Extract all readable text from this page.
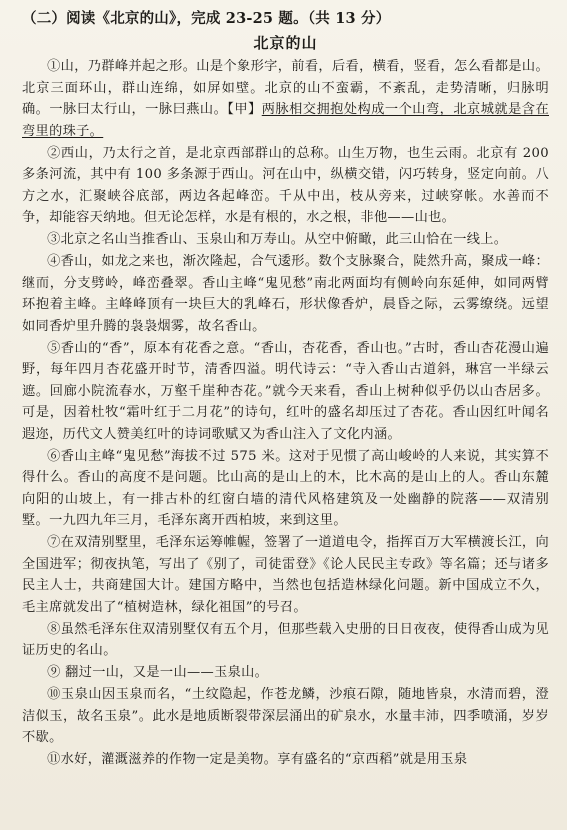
（二）阅读《北京的山》，完成 23-25 题。（共 13 分）
北京的山

①山，乃群峰并起之形。山是个象形字，前看，后看，横看，竖看，怎么看都是山。北京三面环山，群山连绵，如屏如壁。北京的山不蛮霸，不紊乱，走势清晰，归脉明确。一脉曰太行山，一脉曰燕山。【甲】两脉相交拥抱处构成一个山弯，北京城就是含在弯里的珠子。

②西山，乃太行之首，是北京西部群山的总称。山生万物，也生云雨。北京有 200 多条河流，其中有 100 多条源于西山。河在山中，纵横交错，闪巧转身，竖定向前。八方之水，汇聚峡谷底部，两边各起峰峦。千从中出，枝从旁来，过峡穿帐。水善而不争，却能容天纳地。但无论怎样，水是有根的，水之根，非他——山也。

③北京之名山当推香山、玉泉山和万寿山。从空中俯瞰，此三山恰在一线上。

④香山，如龙之来也，渐次隆起，合气逶形。数个支脉聚合，陡然升高，聚成一峰：继而，分支劈岭，峰峦叠翠。香山主峰“鬼见愁”南北两面均有侧岭向东延伸，如同两臂环抱着主峰。主峰峰顶有一块巨大的乳峰石，形状像香炉，晨昏之际，云雾缭绕。远望如同香炉里升腾的袅袅烟雾，故名香山。

⑤香山的“香”，原本有花香之意。“香山，杏花香，香山也。”古时，香山杏花漫山遍野，每年四月杏花盛开时节，清香四溢。明代诗云：“寺入香山古道斜，琳宫一半绿云遮。回廊小院流春水，万壑千崖种杏花。”就今天来看，香山上树种似乎仍以山杏居多。可是，因着杜牧“霜叶红于二月花”的诗句，红叶的盛名却压过了杏花。香山因红叶闻名遐迩，历代文人赞美红叶的诗词歌赋又为香山注入了文化内涵。

⑥香山主峰“鬼见愁”海拔不过 575 米。这对于见惯了高山峻岭的人来说，其实算不得什么。香山的高度不是问题。比山高的是山上的木，比木高的是山上的人。香山东麓向阳的山坡上，有一排古朴的红窗白墙的清代风格建筑及一处幽静的院落——双清别墅。一九四九年三月，毛泽东离开西柏坡，来到这里。

⑦在双清别墅里，毛泽东运筹帷幄，签署了一道道电令，指挥百万大军横渡长江，向全国进军；彻夜执笔，写出了《别了，司徒雷登》《论人民民主专政》等名篇；还与诸多民主人士，共商建国大计。建国方略中，当然也包括造林绿化问题。新中国成立不久，毛主席就发出了“植树造林，绿化祖国”的号召。

⑧虽然毛泽东住双清别墅仅有五个月，但那些载入史册的日日夜夜，使得香山成为见证历史的名山。

⑨ 翻过一山，又是一山——玉泉山。

⑩玉泉山因玉泉而名，“土纹隐起，作苍龙鳞，沙痕石隙，随地皆泉，水清而碧，澄洁似玉，故名玉泉”。此水是地质断裂带深层涌出的矿泉水，水量丰沛，四季喷涌，岁岁不歇。

⑪水好，灌溉滋养的作物一定是美物。享有盛名的“京西稻”就是用玉泉
